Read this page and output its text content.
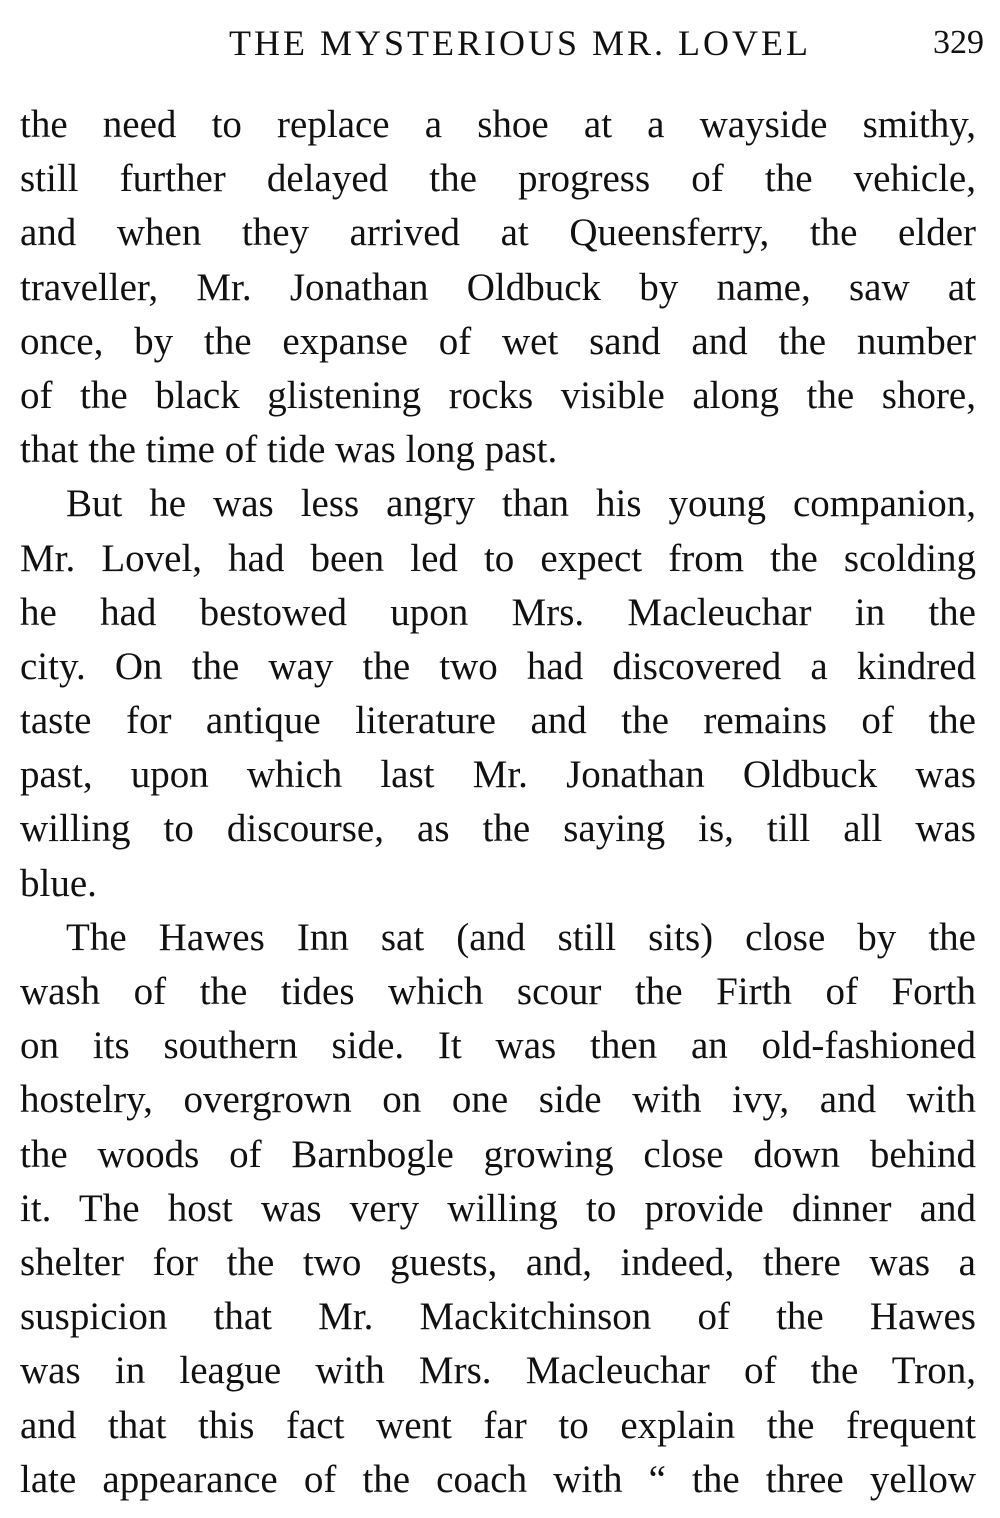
THE MYSTERIOUS MR. LOVEL	329
the need to replace a shoe at a wayside smithy,
still further delayed the progress of the vehicle,
and when they arrived at Queensferry, the elder
traveller, Mr. Jonathan Oldbuck by name, saw at
once, by the expanse of wet sand and the number
of the black glistening rocks visible along the shore,
that the time of tide was long past.
But he was less angry than his young companion,
Mr. Lovel, had been led to expect from the scolding
he had bestowed upon Mrs. Macleuchar in the
city. On the way the two had discovered a kindred
taste for antique literature and the remains of the
past, upon which last Mr. Jonathan Oldbuck was
willing to discourse, as the saying is, till all was
blue.
The Hawes Inn sat (and still sits) close by the
wash of the tides which scour the Firth of Forth
on its southern side. It was then an old-fashioned
hostelry, overgrown on one side with ivy, and with
the woods of Barnbogle growing close down behind
it. The host was very willing to provide dinner and
shelter for the two guests, and, indeed, there was a
suspicion that Mr. Mackitchinson of the Hawes
was in league with Mrs. Macleuchar of the Tron,
and that this fact went far to explain the frequent
late appearance of the coach with “ the three yellow
